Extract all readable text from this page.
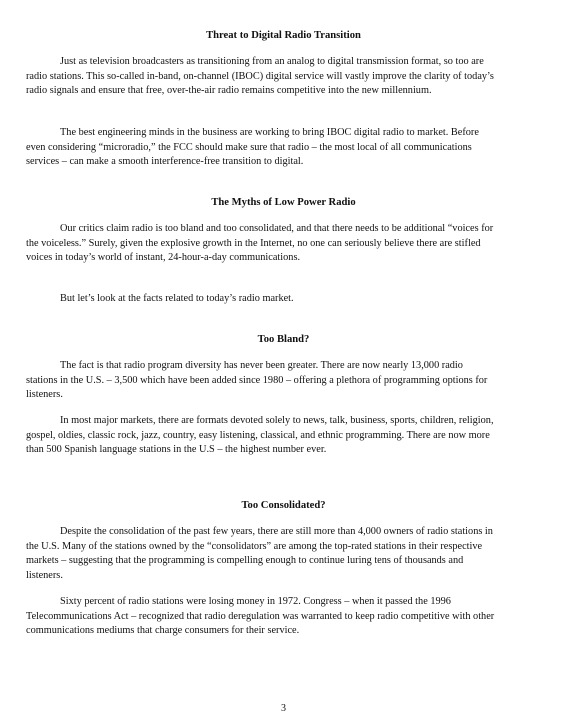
Threat to Digital Radio Transition

Just as television broadcasters as transitioning from an analog to digital transmission format, so too are radio stations. This so-called in-band, on-channel (IBOC) digital service will vastly improve the clarity of today’s radio signals and ensure that free, over-the-air radio remains competitive into the new millennium.

The best engineering minds in the business are working to bring IBOC digital radio to market. Before even considering “microradio,” the FCC should make sure that radio – the most local of all communications services – can make a smooth interference-free transition to digital.

The Myths of Low Power Radio

Our critics claim radio is too bland and too consolidated, and that there needs to be additional “voices for the voiceless.” Surely, given the explosive growth in the Internet, no one can seriously believe there are stifled voices in today’s world of instant, 24-hour-a-day communications.

But let’s look at the facts related to today’s radio market.

Too Bland?

The fact is that radio program diversity has never been greater. There are now nearly 13,000 radio stations in the U.S. – 3,500 which have been added since 1980 – offering a plethora of programming options for listeners.

In most major markets, there are formats devoted solely to news, talk, business, sports, children, religion, gospel, oldies, classic rock, jazz, country, easy listening, classical, and ethnic programming. There are now more than 500 Spanish language stations in the U.S – the highest number ever.

Too Consolidated?

Despite the consolidation of the past few years, there are still more than 4,000 owners of radio stations in the U.S. Many of the stations owned by the “consolidators” are among the top-rated stations in their respective markets – suggesting that the programming is compelling enough to continue luring tens of thousands and listeners.

Sixty percent of radio stations were losing money in 1972. Congress – when it passed the 1996 Telecommunications Act – recognized that radio deregulation was warranted to keep radio competitive with other communications mediums that charge consumers for their service.

3
